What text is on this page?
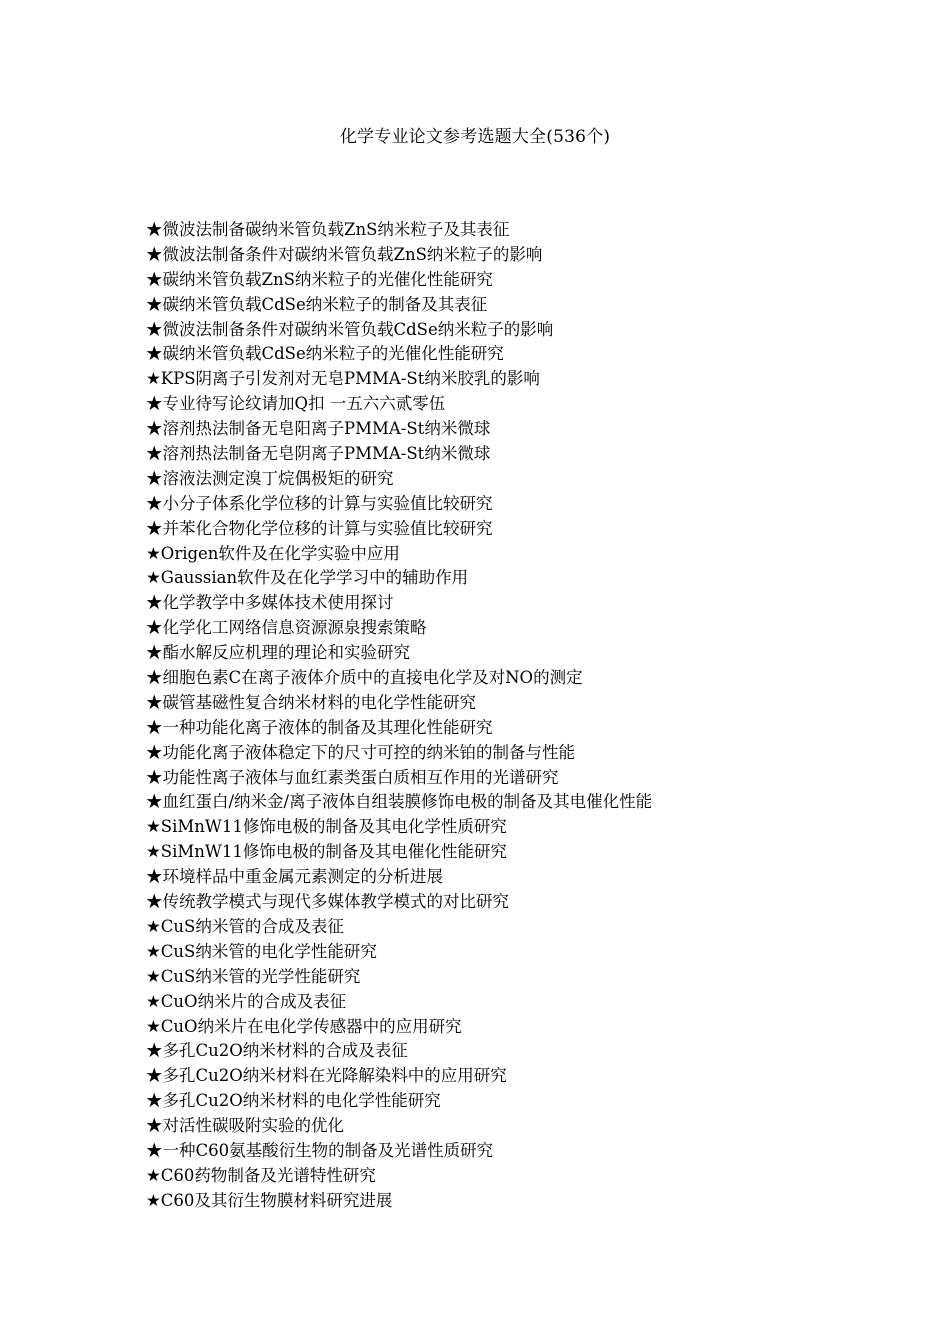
化学专业论文参考选题大全(536个)
★微波法制备碳纳米管负载ZnS纳米粒子及其表征
★微波法制备条件对碳纳米管负载ZnS纳米粒子的影响
★碳纳米管负载ZnS纳米粒子的光催化性能研究
★碳纳米管负载CdSe纳米粒子的制备及其表征
★微波法制备条件对碳纳米管负载CdSe纳米粒子的影响
★碳纳米管负载CdSe纳米粒子的光催化性能研究
★KPS阴离子引发剂对无皂PMMA-St纳米胶乳的影响
★专业待写论纹请加Q扣 一五六六贰零伍
★溶剂热法制备无皂阳离子PMMA-St纳米微球
★溶剂热法制备无皂阴离子PMMA-St纳米微球
★溶液法测定溴丁烷偶极矩的研究
★小分子体系化学位移的计算与实验值比较研究
★并苯化合物化学位移的计算与实验值比较研究
★Origen软件及在化学实验中应用
★Gaussian软件及在化学学习中的辅助作用
★化学教学中多媒体技术使用探讨
★化学化工网络信息资源源泉搜索策略
★酯水解反应机理的理论和实验研究
★细胞色素C在离子液体介质中的直接电化学及对NO的测定
★碳管基磁性复合纳米材料的电化学性能研究
★一种功能化离子液体的制备及其理化性能研究
★功能化离子液体稳定下的尺寸可控的纳米铂的制备与性能
★功能性离子液体与血红素类蛋白质相互作用的光谱研究
★血红蛋白/纳米金/离子液体自组装膜修饰电极的制备及其电催化性能
★SiMnW11修饰电极的制备及其电化学性质研究
★SiMnW11修饰电极的制备及其电催化性能研究
★环境样品中重金属元素测定的分析进展
★传统教学模式与现代多媒体教学模式的对比研究
★CuS纳米管的合成及表征
★CuS纳米管的电化学性能研究
★CuS纳米管的光学性能研究
★CuO纳米片的合成及表征
★CuO纳米片在电化学传感器中的应用研究
★多孔Cu2O纳米材料的合成及表征
★多孔Cu2O纳米材料在光降解染料中的应用研究
★多孔Cu2O纳米材料的电化学性能研究
★对活性碳吸附实验的优化
★一种C60氨基酸衍生物的制备及光谱性质研究
★C60药物制备及光谱特性研究
★C60及其衍生物膜材料研究进展
